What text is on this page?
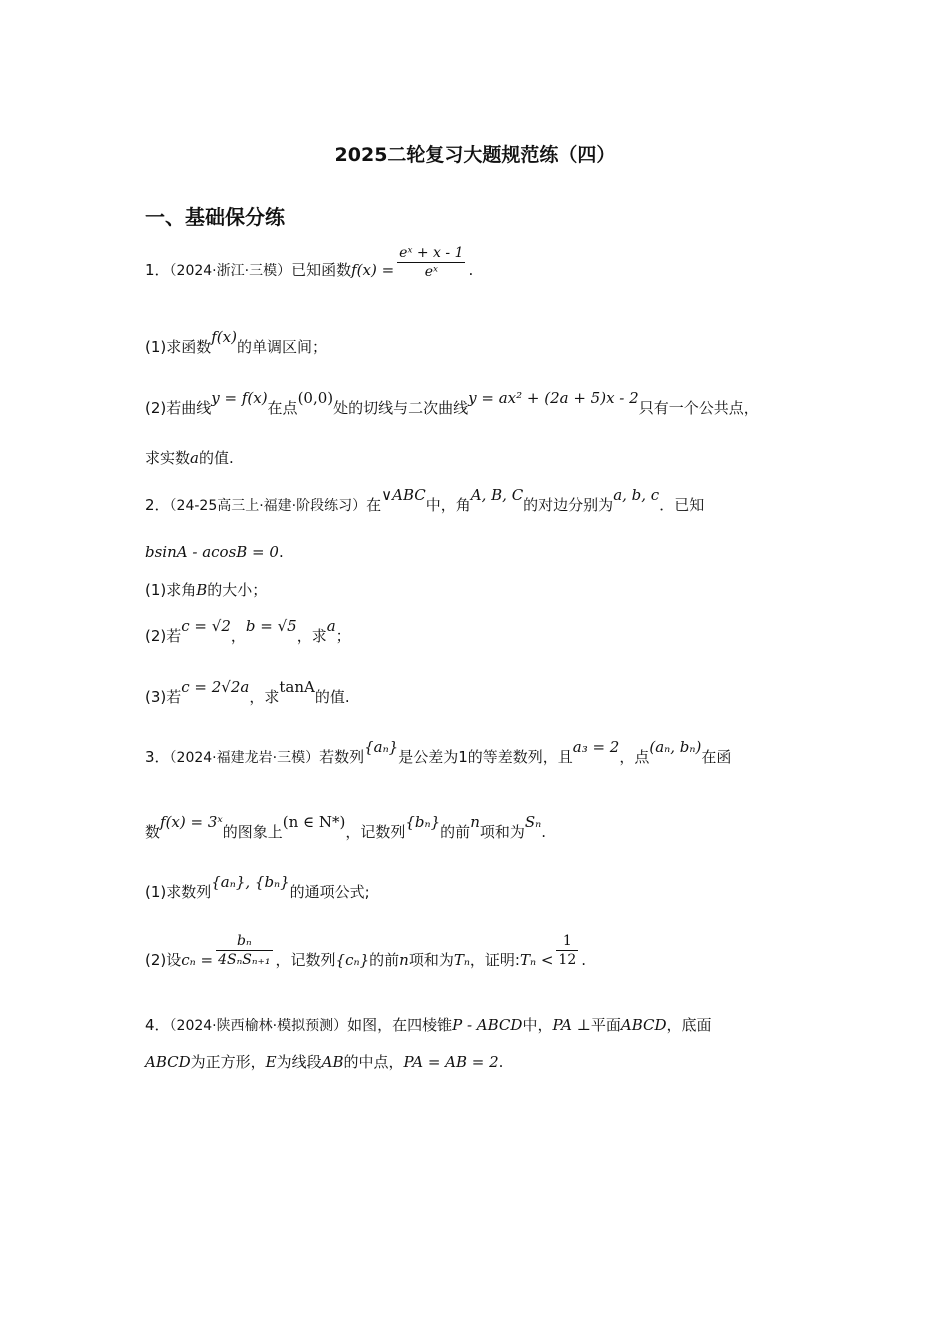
2025二轮复习大题规范练（四）
一、基础保分练
1．（2024·浙江·三模）已知函数$f(x) = \frac{\text{eˣ + x - 1}}{\text{eˣ}}$ .
(1)求函数f(x)的单调区间；
(2)若曲线y = f(x)在点(0,0)处的切线与二次曲线y = ax² + (2a + 5)x - 2只有一个公共点，
求实数a的值.
2．（24-25高三上·福建·阶段练习）在∨ABC中，角A, B, C的对边分别为a, b, c．已知
bsinA - acosB = 0.
(1)求角B的大小；
(2)若c = √2，b = √5，求a；
(3)若c = 2√2a，求tanA的值.
3．（2024·福建龙岩·三模）若数列{aₙ}是公差为1的等差数列，且a₃ = 2，点(aₙ, bₙ)在函
数f(x) = 3ˣ的图象上(n ∈ N*)，记数列{bₙ}的前n项和为Sₙ.
(1)求数列{aₙ}, {bₙ}的通项公式;
(2)设$c_n = \frac{\text{bₙ}}{\text{4SₙSₙ₊₁}}$ ，记数列{cₙ}的前n项和为Tₙ，证明:Tₙ < $\frac{1}{12}$ .
4．（2024·陕西榆林·模拟预测）如图，在四棱锥P - ABCD中，PA ⊥平面ABCD，底面
ABCD为正方形，E为线段AB的中点，PA = AB = 2.
